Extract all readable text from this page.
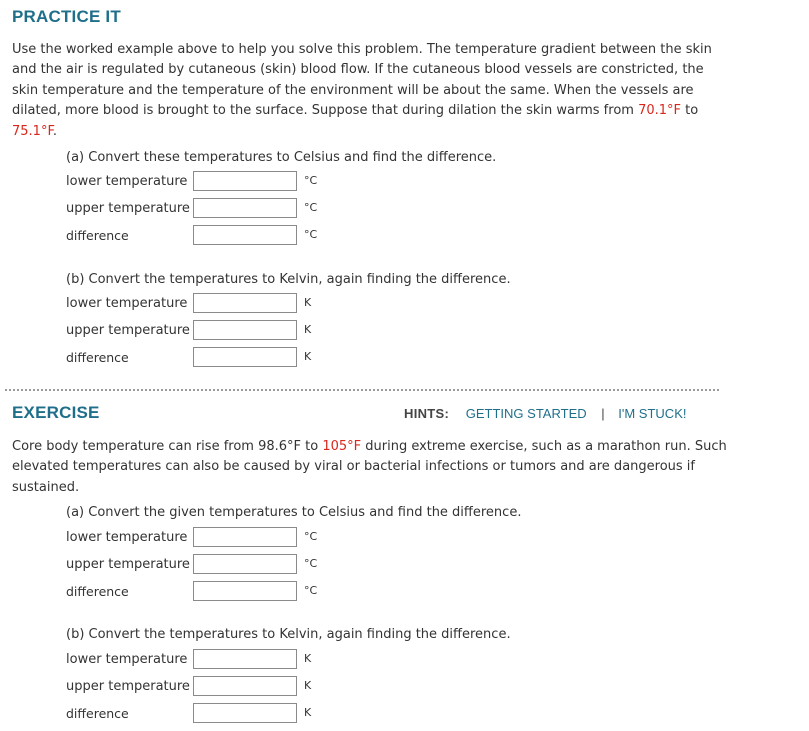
PRACTICE IT
Use the worked example above to help you solve this problem. The temperature gradient between the skin and the air is regulated by cutaneous (skin) blood flow. If the cutaneous blood vessels are constricted, the skin temperature and the temperature of the environment will be about the same. When the vessels are dilated, more blood is brought to the surface. Suppose that during dilation the skin warms from 70.1°F to 75.1°F.
(a) Convert these temperatures to Celsius and find the difference.
lower temperature	°C
upper temperature	°C
difference	°C
(b) Convert the temperatures to Kelvin, again finding the difference.
lower temperature	K
upper temperature	K
difference	K
EXERCISE	HINTS: GETTING STARTED | I'M STUCK!
Core body temperature can rise from 98.6°F to 105°F during extreme exercise, such as a marathon run. Such elevated temperatures can also be caused by viral or bacterial infections or tumors and are dangerous if sustained.
(a) Convert the given temperatures to Celsius and find the difference.
lower temperature	°C
upper temperature	°C
difference	°C
(b) Convert the temperatures to Kelvin, again finding the difference.
lower temperature	K
upper temperature	K
difference	K
